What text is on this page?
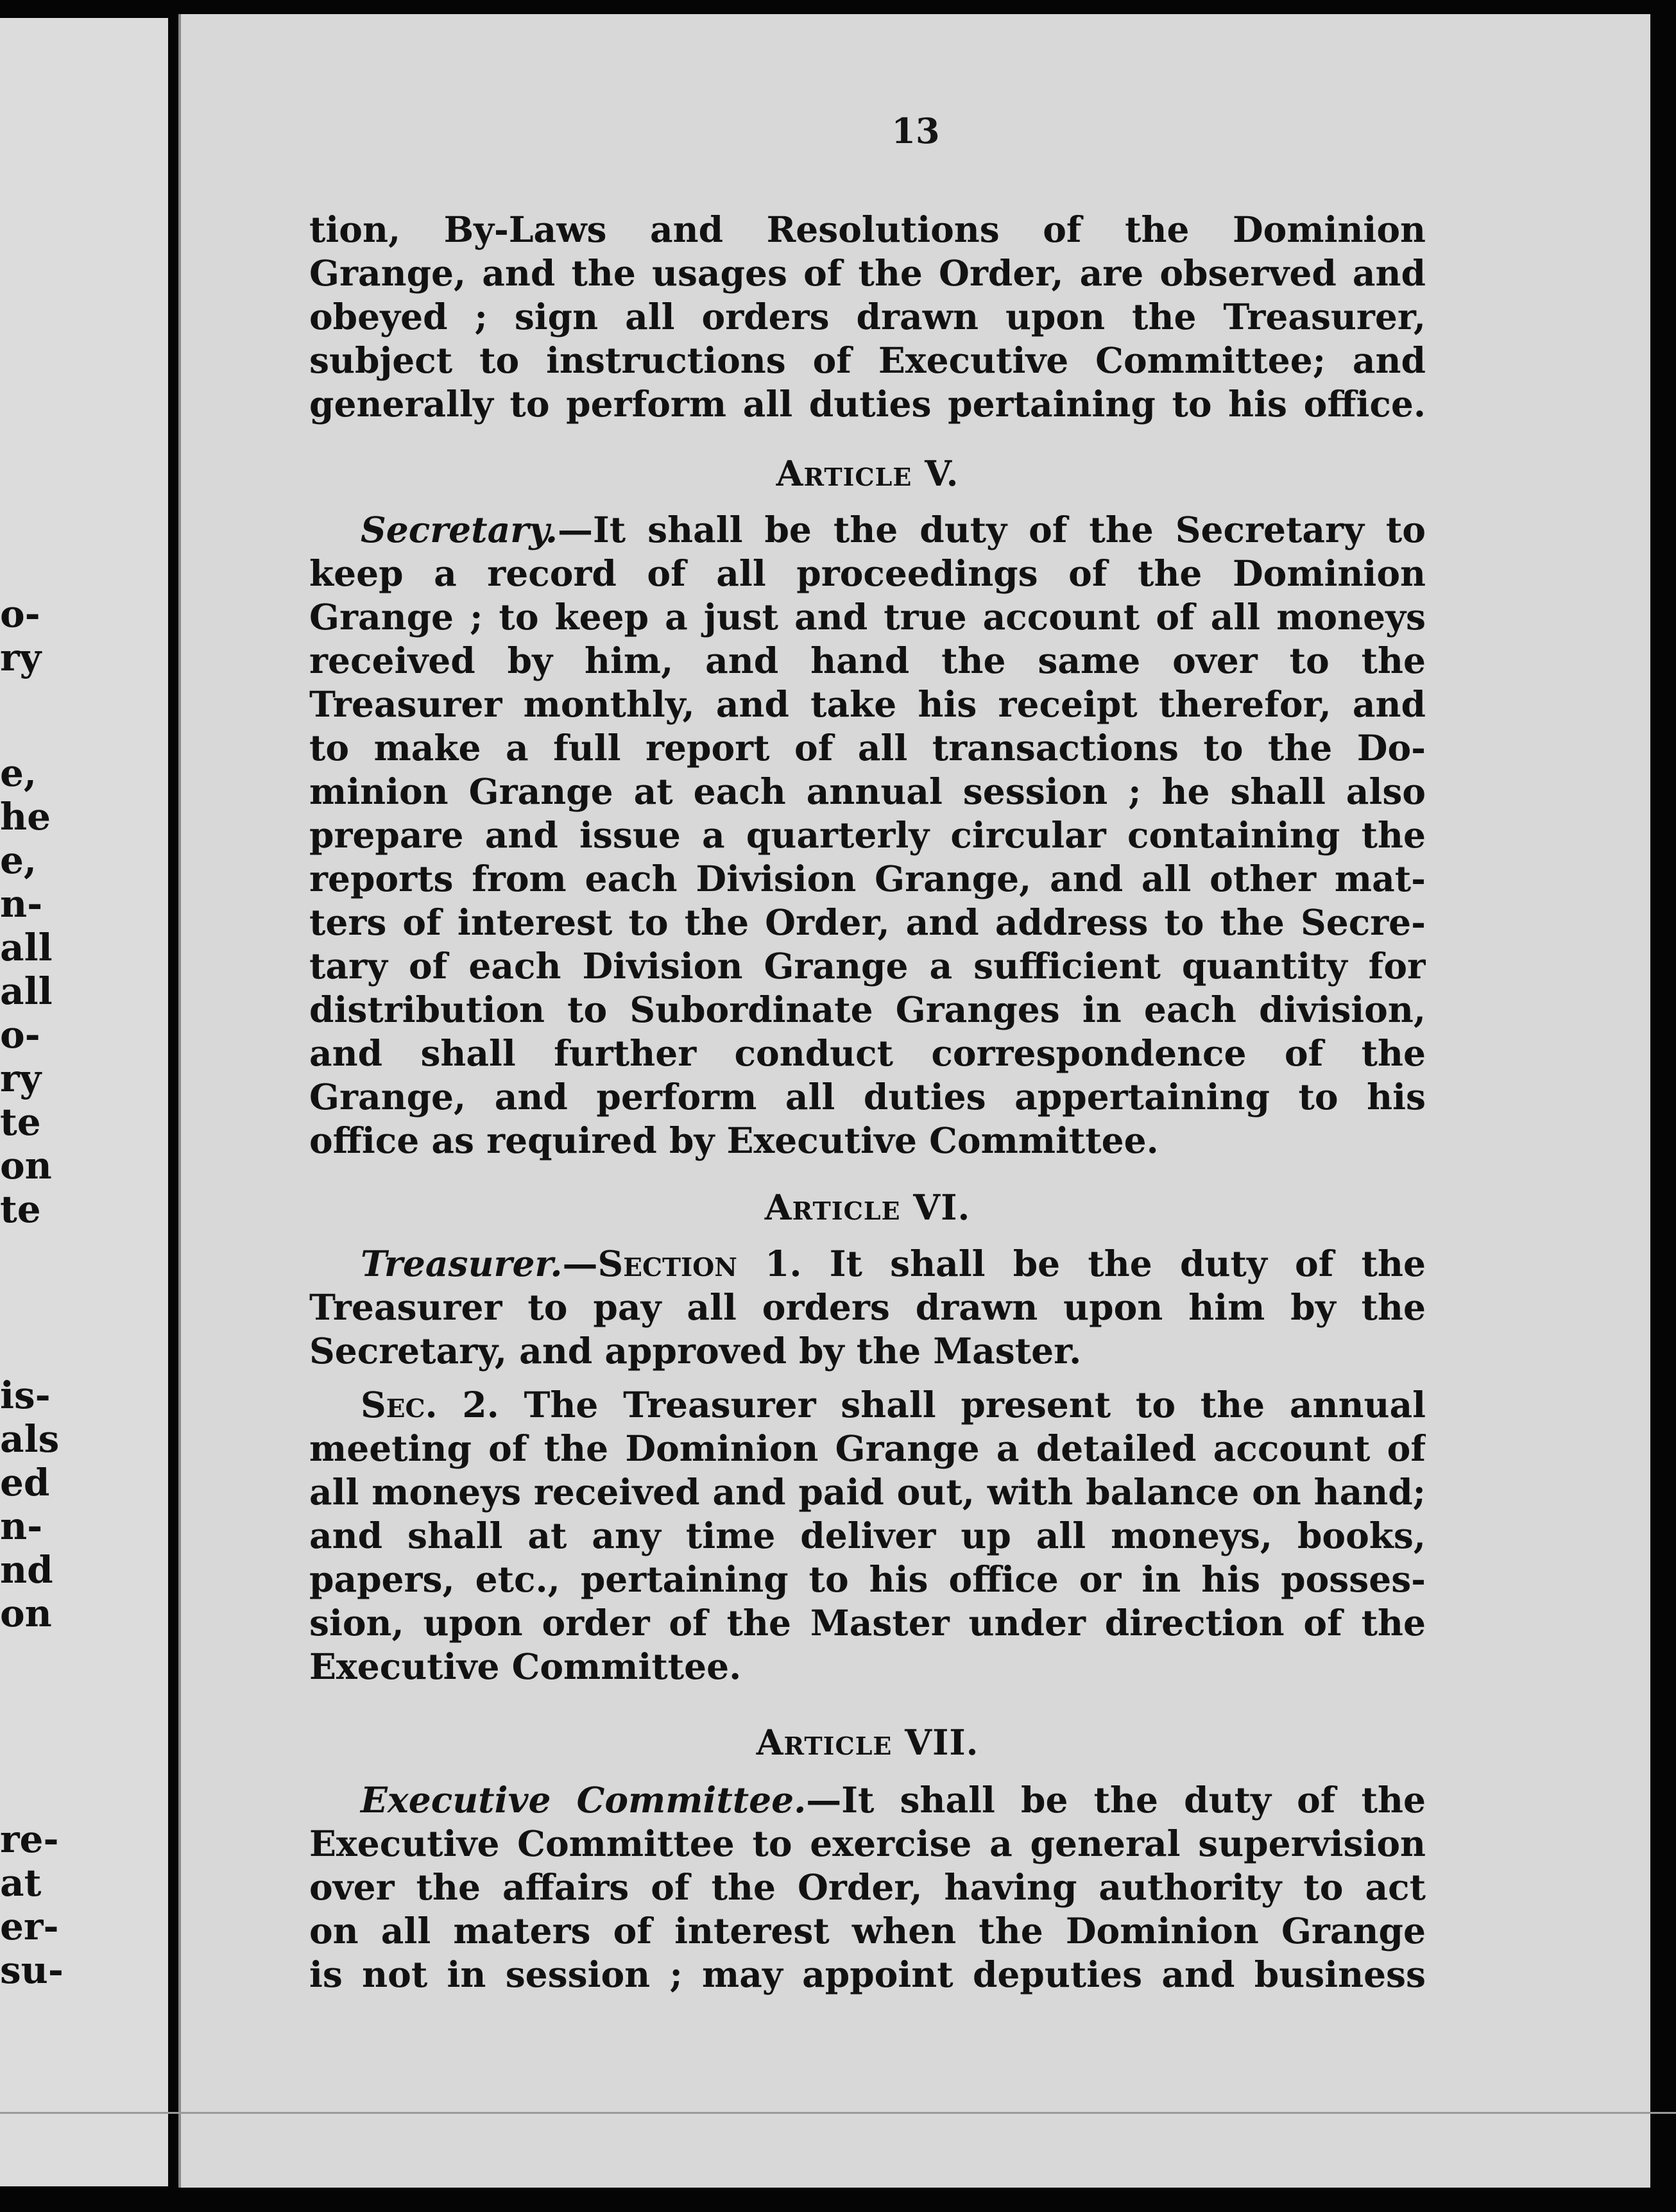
o-
ry
e,
he
e,
n-
all
all
o-
ry
te
on
te
is-
als
ed
n-
nd
on
re-
at
er-
su-
13
tion, By-Laws and Resolutions of the Dominion
Grange, and the usages of the Order, are observed and
obeyed ; sign all orders drawn upon the Treasurer,
subject to instructions of Executive Committee; and
generally to perform all duties pertaining to his office.
Article V.
Secretary.—It shall be the duty of the Secretary to
keep a record of all proceedings of the Dominion
Grange ; to keep a just and true account of all moneys
received by him, and hand the same over to the
Treasurer monthly, and take his receipt therefor, and
to make a full report of all transactions to the Do-
minion Grange at each annual session ; he shall also
prepare and issue a quarterly circular containing the
reports from each Division Grange, and all other mat-
ters of interest to the Order, and address to the Secre-
tary of each Division Grange a sufficient quantity for
distribution to Subordinate Granges in each division,
and shall further conduct correspondence of the
Grange, and perform all duties appertaining to his
office as required by Executive Committee.
Article VI.
Treasurer.—Section 1. It shall be the duty of the
Treasurer to pay all orders drawn upon him by the
Secretary, and approved by the Master.
Sec. 2. The Treasurer shall present to the annual
meeting of the Dominion Grange a detailed account of
all moneys received and paid out, with balance on hand;
and shall at any time deliver up all moneys, books,
papers, etc., pertaining to his office or in his posses-
sion, upon order of the Master under direction of the
Executive Committee.
Article VII.
Executive Committee.—It shall be the duty of the
Executive Committee to exercise a general supervision
over the affairs of the Order, having authority to act
on all maters of interest when the Dominion Grange
is not in session ; may appoint deputies and business
